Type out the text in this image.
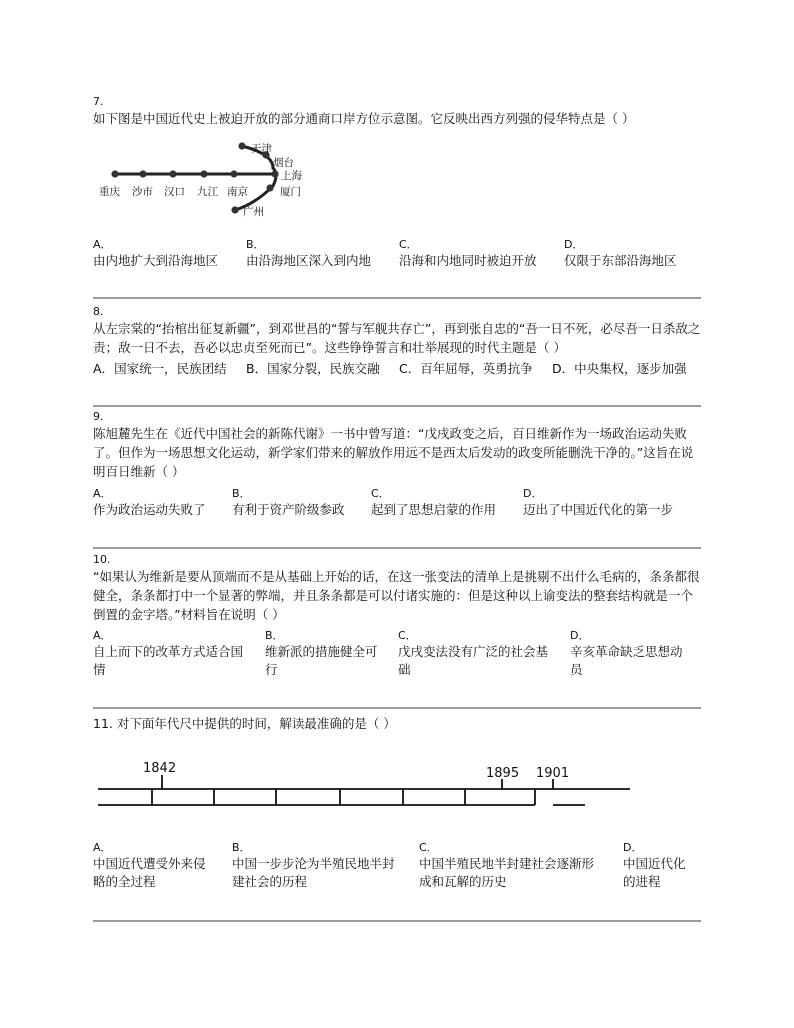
7.

如下图是中国近代史上被迫开放的部分通商口岸方位示意图。它反映出西方列强的侵华特点是（ ）

重庆 沙市 汉口 九江 南京
天津
烟台
上海
厦门
广州
A．
由内地扩大到沿海地区
B．
由沿海地区深入到内地
C．
沿海和内地同时被迫开放
D．
仅限于东部沿海地区
8.

从左宗棠的“抬棺出征复新疆”，到邓世昌的“誓与军舰共存亡”，再到张自忠的“吾一日不死，必尽吾一日杀敌之责；敌一日不去，吾必以忠贞至死而已”。这些铮铮誓言和壮举展现的时代主题是（ ）

A．国家统一，民族团结 B．国家分裂，民族交融 C．百年屈辱，英勇抗争 D．中央集权，逐步加强
9.

陈旭麓先生在《近代中国社会的新陈代谢》一书中曾写道：“戊戌政变之后，百日维新作为一场政治运动失败了。但作为一场思想文化运动，新学家们带来的解放作用远不是西太后发动的政变所能删洗干净的。”这旨在说明百日维新（ ）

A．
作为政治运动失败了
B．
有利于资产阶级参政
C．
起到了思想启蒙的作用
D．
迈出了中国近代化的第一步
10.

“如果认为维新是要从顶端而不是从基础上开始的话，在这一张变法的清单上是挑剔不出什么毛病的，条条都很健全，条条都打中一个显著的弊端，并且条条都是可以付诸实施的：但是这种以上谕变法的整套结构就是一个倒置的金字塔。”材料旨在说明（ ）

A．
自上而下的改革方式适合国
情
B．
维新派的措施健全可
行
C．
戊戌变法没有广泛的社会基
础
D．
辛亥革命缺乏思想动
员

11. 对下面年代尺中提供的时间，解读最准确的是（ ）

1842	1895 1901
A．
中国近代遭受外来侵
略的全过程
B．
中国一步步沦为半殖民地半封
建社会的历程
C．
中国半殖民地半封建社会逐渐形
成和瓦解的历史
D．
中国近代化
的进程
